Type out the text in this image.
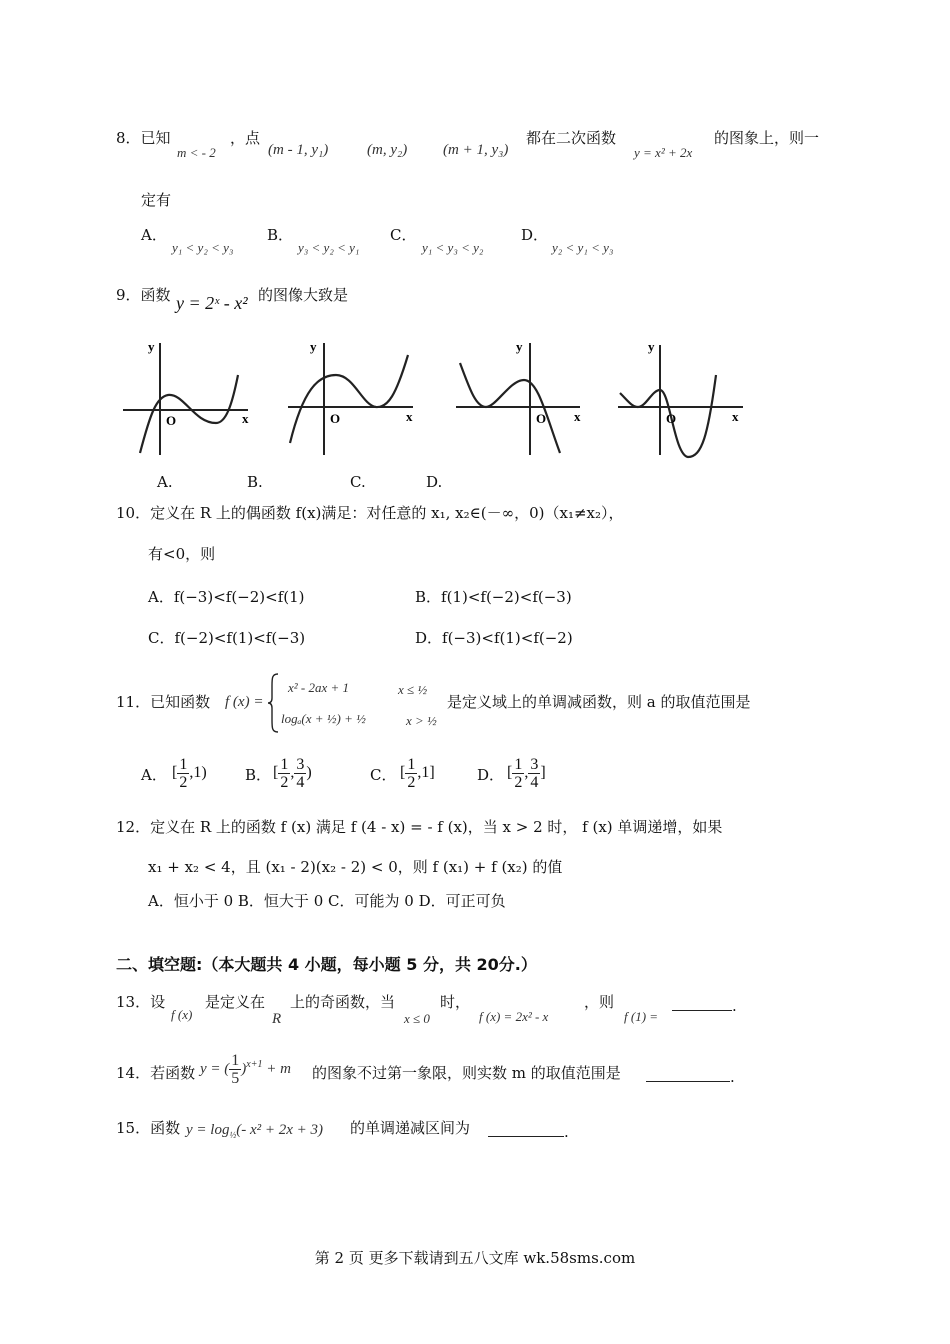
8．已知
m < - 2
，点
(m - 1, y₁)	(m, y₂) (m + 1, y₃)
都在二次函数
y = x² + 2x
的图象上，则一
定有
A．
y₁ < y₂ < y₃
B．
y₃ < y₂ < y₁
C．
y₁ < y₃ < y₂
D．
y₂ < y₁ < y₃
9．函数 y = 2ˣ - x² 的图像大致是
y
O	x
y
O	x
y
O x
y
O	x
A.	B.	C.	D.
10．定义在 R 上的偶函数 f(x)满足：对任意的 x₁, x₂∈(－∞，0)（x₁≠x₂），
有<0，则
A．f(−3)<f(−2)<f(1)	B．f(1)<f(−2)<f(−3)
C．f(−2)<f(1)<f(−3)	D．f(−3)<f(1)<f(−2)
11．已知函数 f (x) =
x² - 2ax + 1	x ≤ ½
logₐ(x + ½) + ½	x > ½
是定义域上的单调减函数，则 a 的取值范围是
A． [ $\frac{1}{2} ,1$)	B． [ $\frac{1}{2}$ , $\frac{3}{4}$ )	C． [ $\frac{1}{2} ,1$]	D． [ $\frac{1}{2}$ , $\frac{3}{4}$ ]
12．定义在 R 上的函数 f (x) 满足 f (4 - x) = - f (x)，当 x > 2 时， f (x) 单调递增，如果
x₁ + x₂ < 4，且 (x₁ - 2)(x₂ - 2) < 0，则 f (x₁) + f (x₂) 的值
A．恒小于 0 B．恒大于 0 C．可能为 0 D．可正可负
二、填空题:（本大题共 4 小题，每小题 5 分，共 20分.）
13．设
f (x)
是定义在
R
上的奇函数，当
x ≤ 0
时，
f (x) = 2x² - x
，则
f (1) =
.
14．若函数 y = ( $\frac{1}{5} )^{x+1} + m$ 的图象不过第一象限，则实数 m 的取值范围是	.
15．函数 $y = \log_{\frac{1}{2}}(-$ x² + 2x + 3) 的单调递减区间为	.
第 2 页 更多下载请到五八文库 wk.58sms.com
